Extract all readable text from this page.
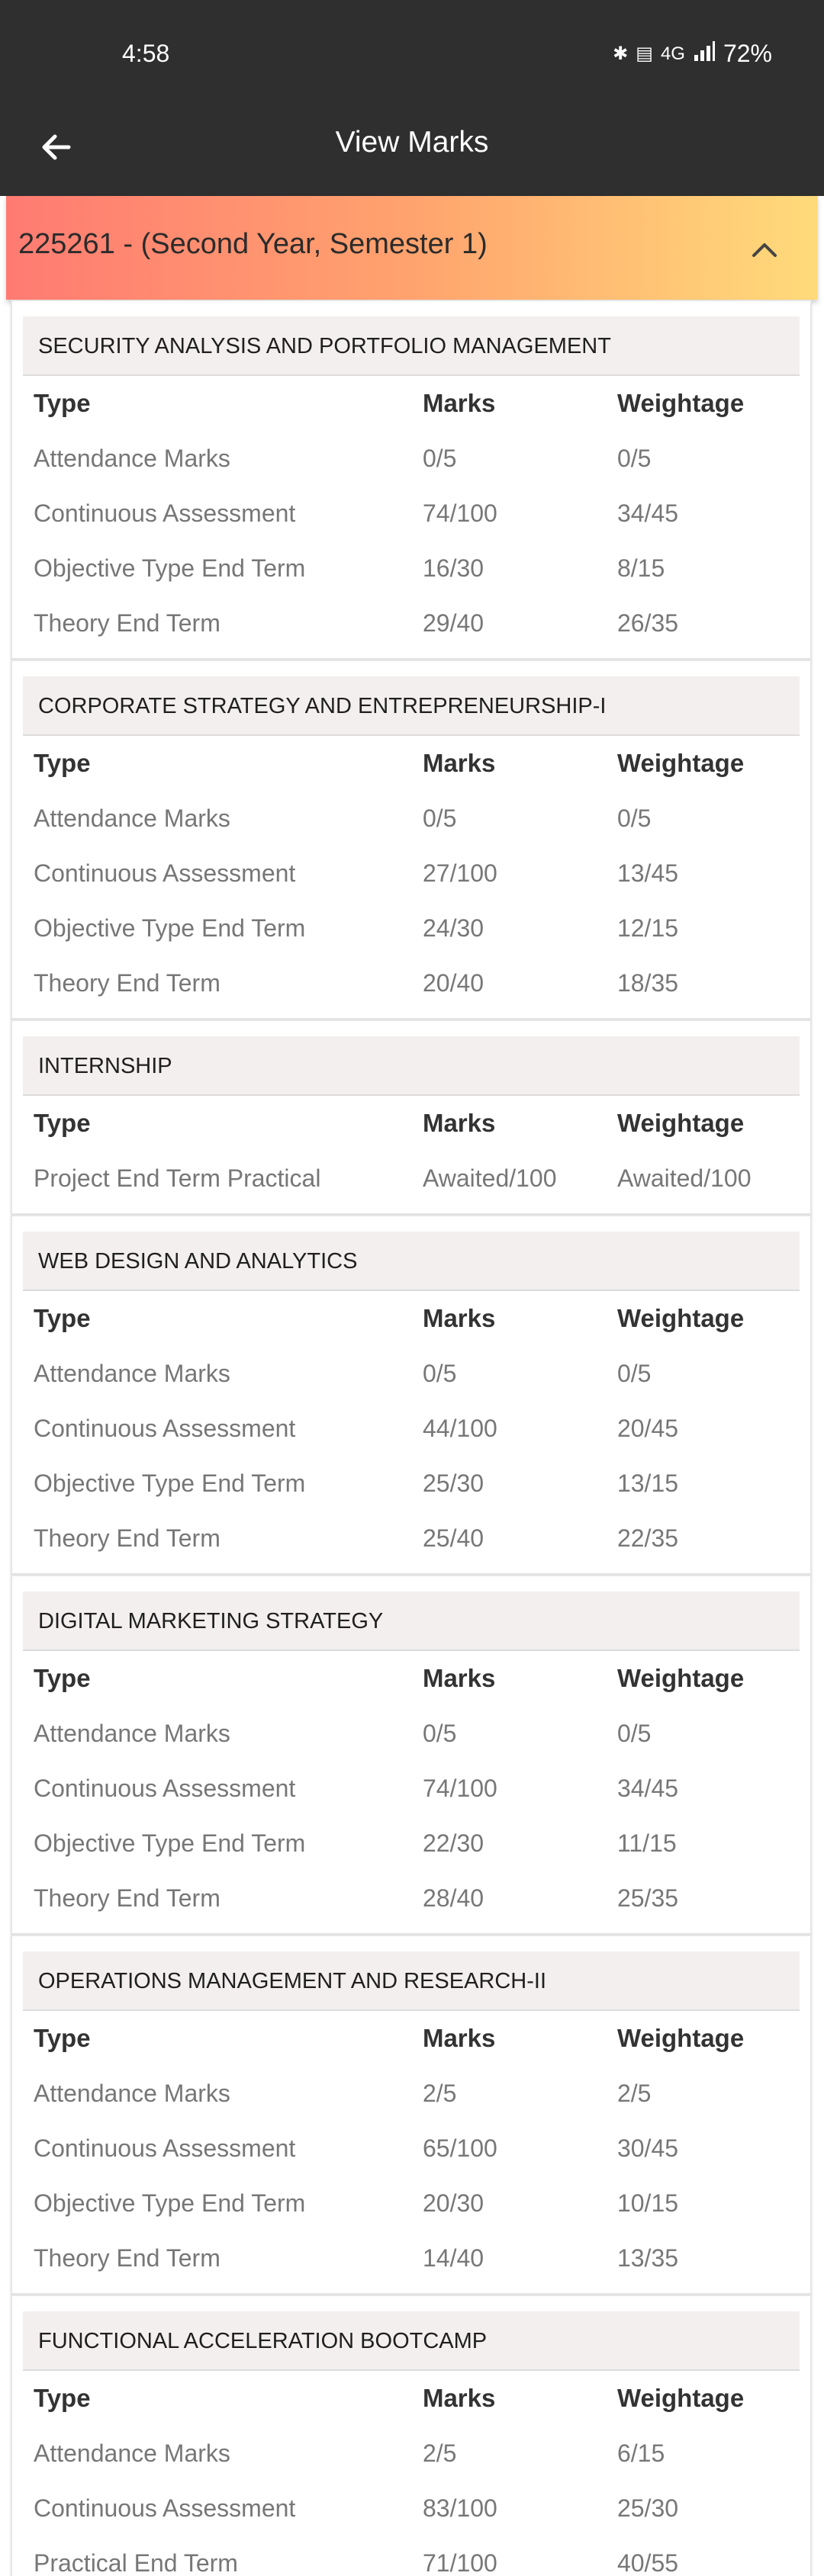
4:58	✱ ▤ 4G 72%
View Marks
225261 - (Second Year, Semester 1)
SECURITY ANALYSIS AND PORTFOLIO MANAGEMENT
Type	Marks	Weightage
Attendance Marks	0/5	0/5
Continuous Assessment	74/100	34/45
Objective Type End Term	16/30	8/15
Theory End Term	29/40	26/35
CORPORATE STRATEGY AND ENTREPRENEURSHIP-I
Type	Marks	Weightage
Attendance Marks	0/5	0/5
Continuous Assessment	27/100	13/45
Objective Type End Term	24/30	12/15
Theory End Term	20/40	18/35
INTERNSHIP
Type	Marks	Weightage
Project End Term Practical	Awaited/100	Awaited/100
WEB DESIGN AND ANALYTICS
Type	Marks	Weightage
Attendance Marks	0/5	0/5
Continuous Assessment	44/100	20/45
Objective Type End Term	25/30	13/15
Theory End Term	25/40	22/35
DIGITAL MARKETING STRATEGY
Type	Marks	Weightage
Attendance Marks	0/5	0/5
Continuous Assessment	74/100	34/45
Objective Type End Term	22/30	11/15
Theory End Term	28/40	25/35
OPERATIONS MANAGEMENT AND RESEARCH-II
Type	Marks	Weightage
Attendance Marks	2/5	2/5
Continuous Assessment	65/100	30/45
Objective Type End Term	20/30	10/15
Theory End Term	14/40	13/35
FUNCTIONAL ACCELERATION BOOTCAMP
Type	Marks	Weightage
Attendance Marks	2/5	6/15
Continuous Assessment	83/100	25/30
Practical End Term	71/100	40/55
